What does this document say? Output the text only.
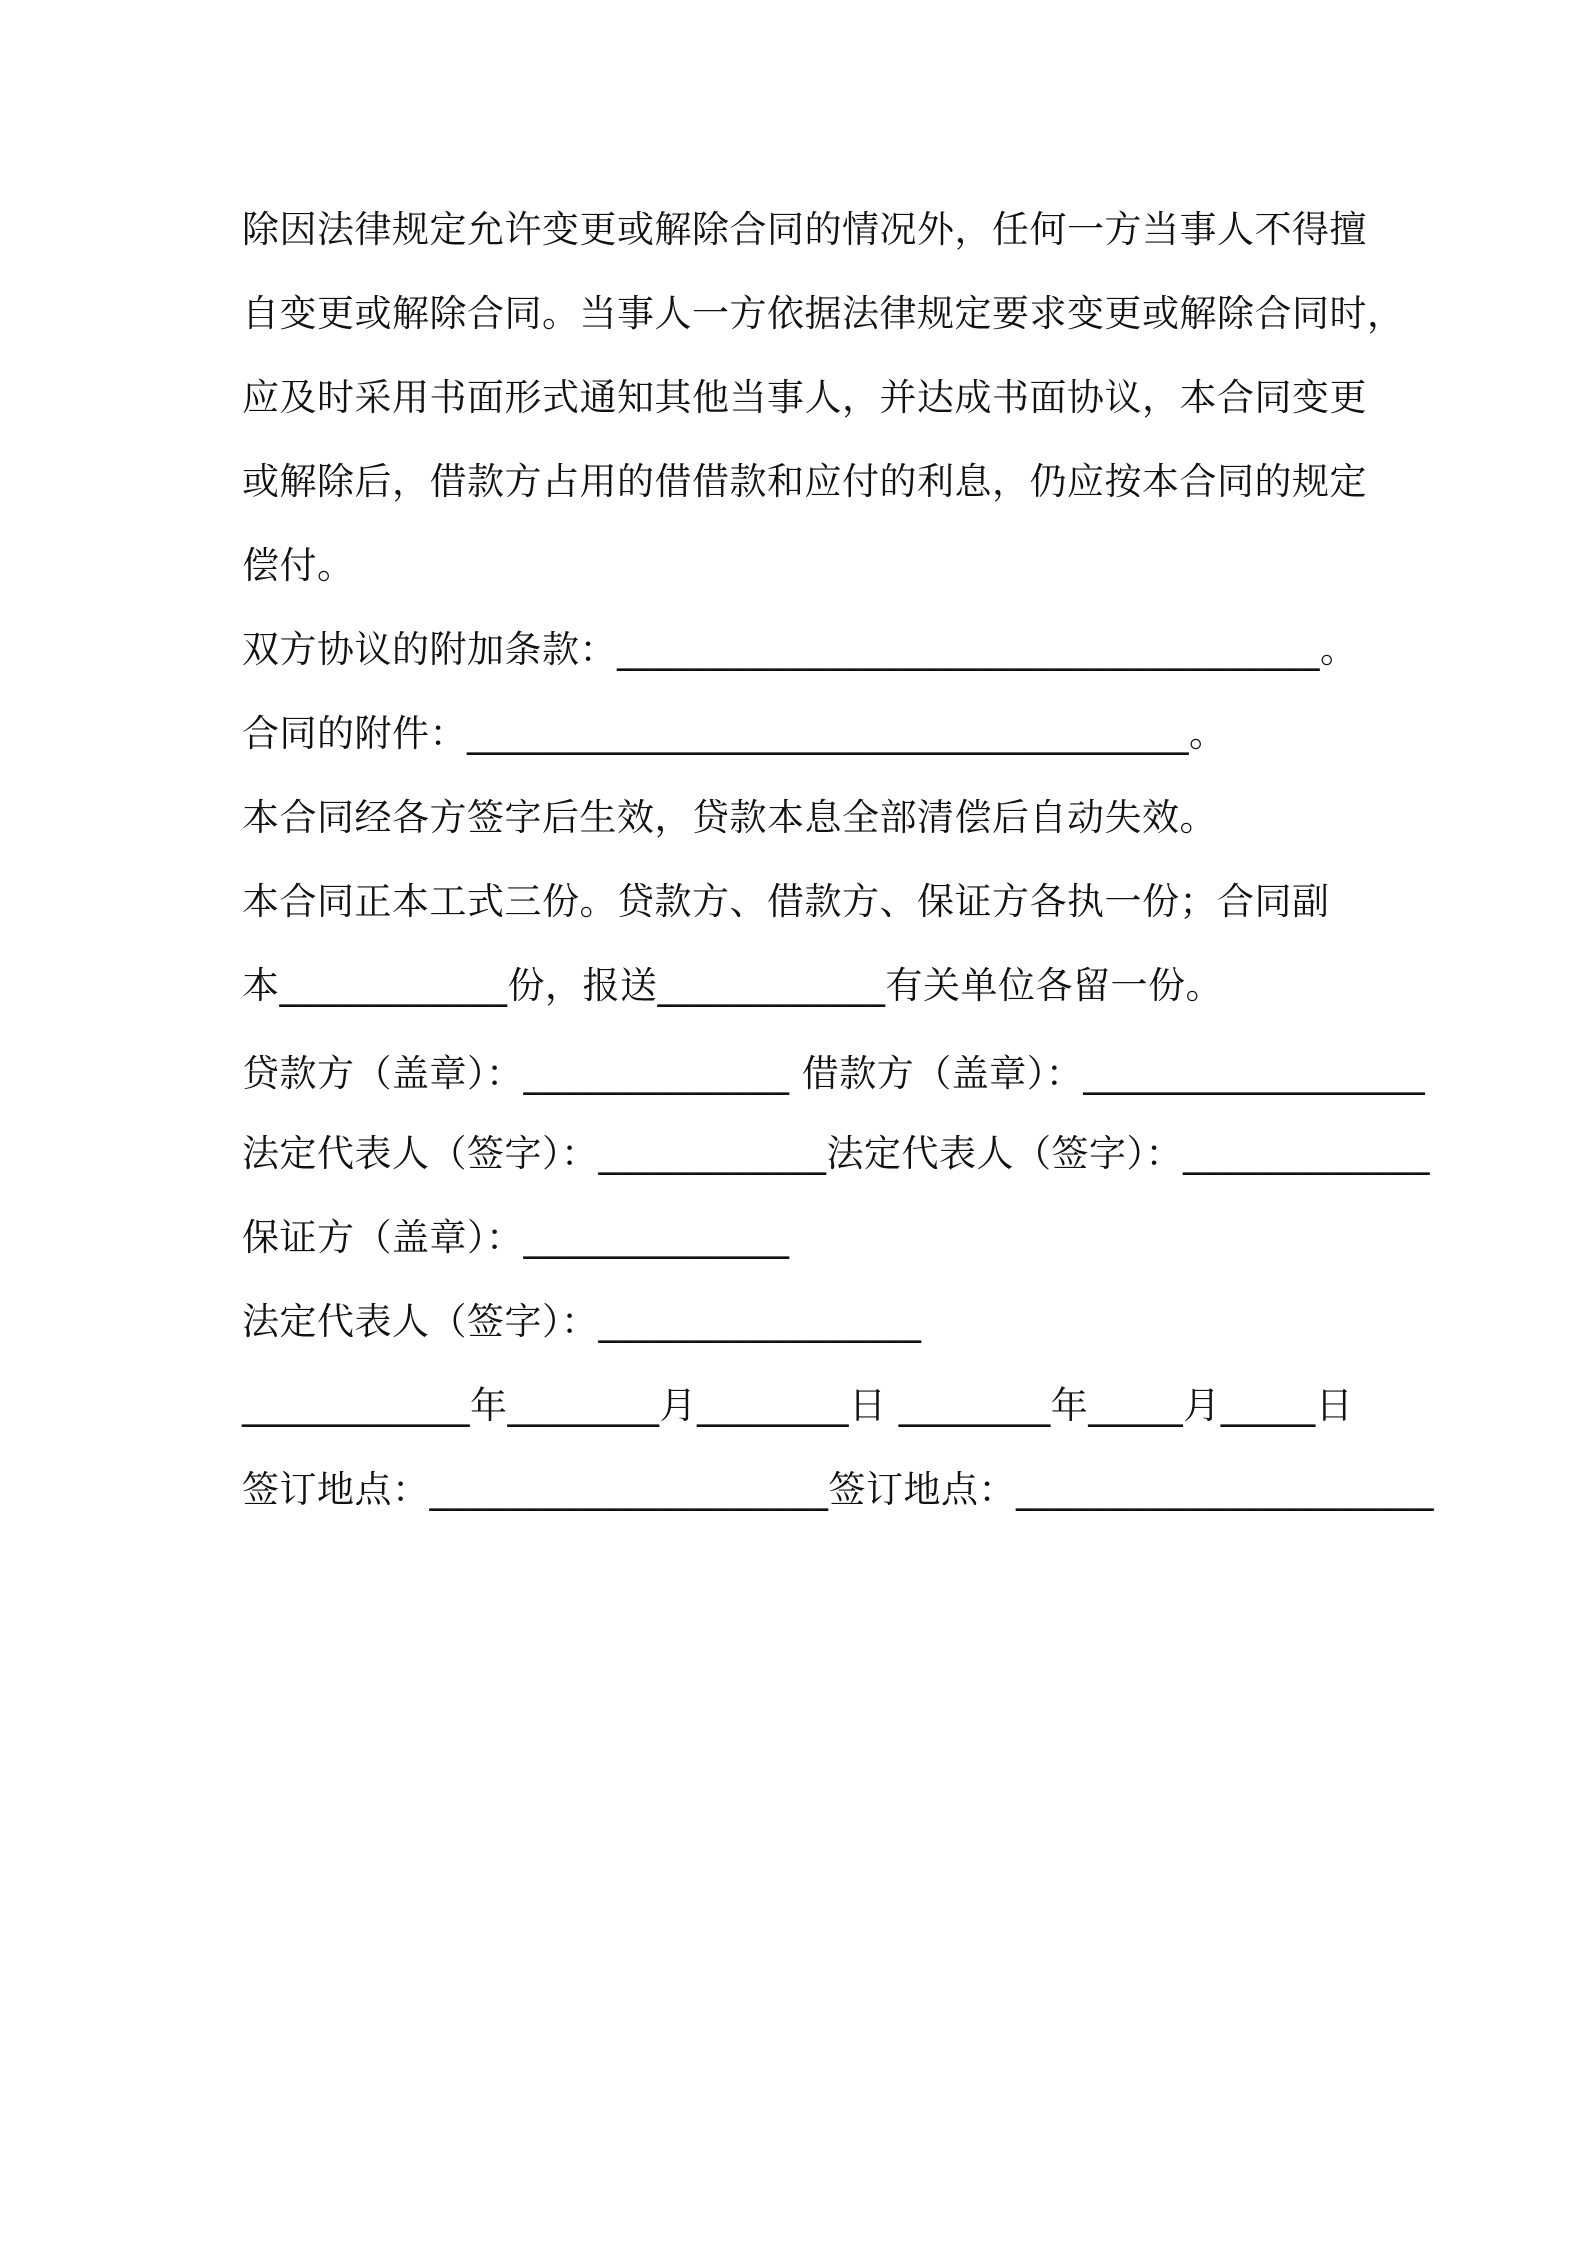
除因法律规定允许变更或解除合同的情况外，任何一方当事人不得擅
自变更或解除合同。当事人一方依据法律规定要求变更或解除合同时，
应及时采用书面形式通知其他当事人，并达成书面协议，本合同变更
或解除后，借款方占用的借借款和应付的利息，仍应按本合同的规定
偿付。
双方协议的附加条款：_____________________________________。
合同的附件：______________________________________。
本合同经各方签字后生效，贷款本息全部清偿后自动失效。
本合同正本工式三份。贷款方、借款方、保证方各执一份；合同副
本____________份，报送____________有关单位各留一份。
贷款方（盖章）：______________ 借款方（盖章）：__________________
法定代表人（签字）：____________法定代表人（签字）：_____________
保证方（盖章）：______________
法定代表人（签字）：_________________
____________年________月________日 ________年_____月_____日
签订地点：_____________________签订地点：______________________
